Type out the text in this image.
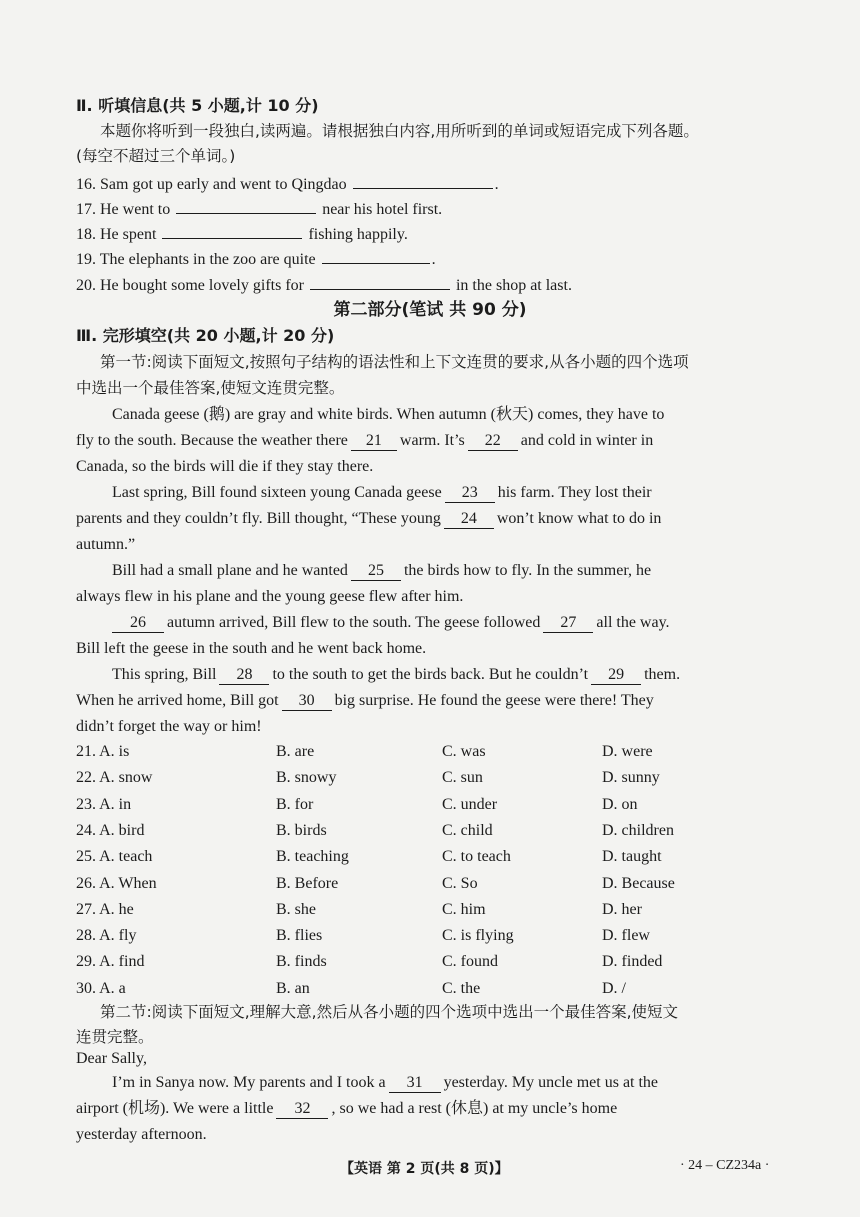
Ⅱ. 听填信息(共 5 小题,计 10 分)
本题你将听到一段独白,读两遍。请根据独白内容,用所听到的单词或短语完成下列各题。
(每空不超过三个单词。)
16. Sam got up early and went to Qingdao	.
17. He went to	near his hotel first.
18. He spent	fishing happily.
19. The elephants in the zoo are quite	.
20. He bought some lovely gifts for	in the shop at last.
第二部分(笔试 共 90 分)
Ⅲ. 完形填空(共 20 小题,计 20 分)
第一节:阅读下面短文,按照句子结构的语法性和上下文连贯的要求,从各小题的四个选项
中选出一个最佳答案,使短文连贯完整。
Canada geese (鹅) are gray and white birds. When autumn (秋天) comes, they have to
fly to the south. Because the weather there 21 warm. It’s 22 and cold in winter in
Canada, so the birds will die if they stay there.
Last spring, Bill found sixteen young Canada geese 23 his farm. They lost their
parents and they couldn’t fly. Bill thought, “These young 24 won’t know what to do in
autumn.”
Bill had a small plane and he wanted 25 the birds how to fly. In the summer, he
always flew in his plane and the young geese flew after him.
26 autumn arrived, Bill flew to the south. The geese followed 27 all the way.
Bill left the geese in the south and he went back home.
This spring, Bill 28 to the south to get the birds back. But he couldn’t 29 them.
When he arrived home, Bill got 30 big surprise. He found the geese were there! They
didn’t forget the way or him!
21. A. is	B. are	C. was	D. were
22. A. snow	B. snowy	C. sun	D. sunny
23. A. in	B. for	C. under	D. on
24. A. bird	B. birds	C. child	D. children
25. A. teach	B. teaching	C. to teach	D. taught
26. A. When	B. Before	C. So	D. Because
27. A. he	B. she	C. him	D. her
28. A. fly	B. flies	C. is flying	D. flew
29. A. find	B. finds	C. found	D. finded
30. A. a	B. an	C. the	D. /
第二节:阅读下面短文,理解大意,然后从各小题的四个选项中选出一个最佳答案,使短文
连贯完整。
Dear Sally,
I’m in Sanya now. My parents and I took a 31 yesterday. My uncle met us at the
airport (机场). We were a little 32 , so we had a rest (休息) at my uncle’s home
yesterday afternoon.
【英语 第 2 页(共 8 页)】	· 24 – CZ234a ·
